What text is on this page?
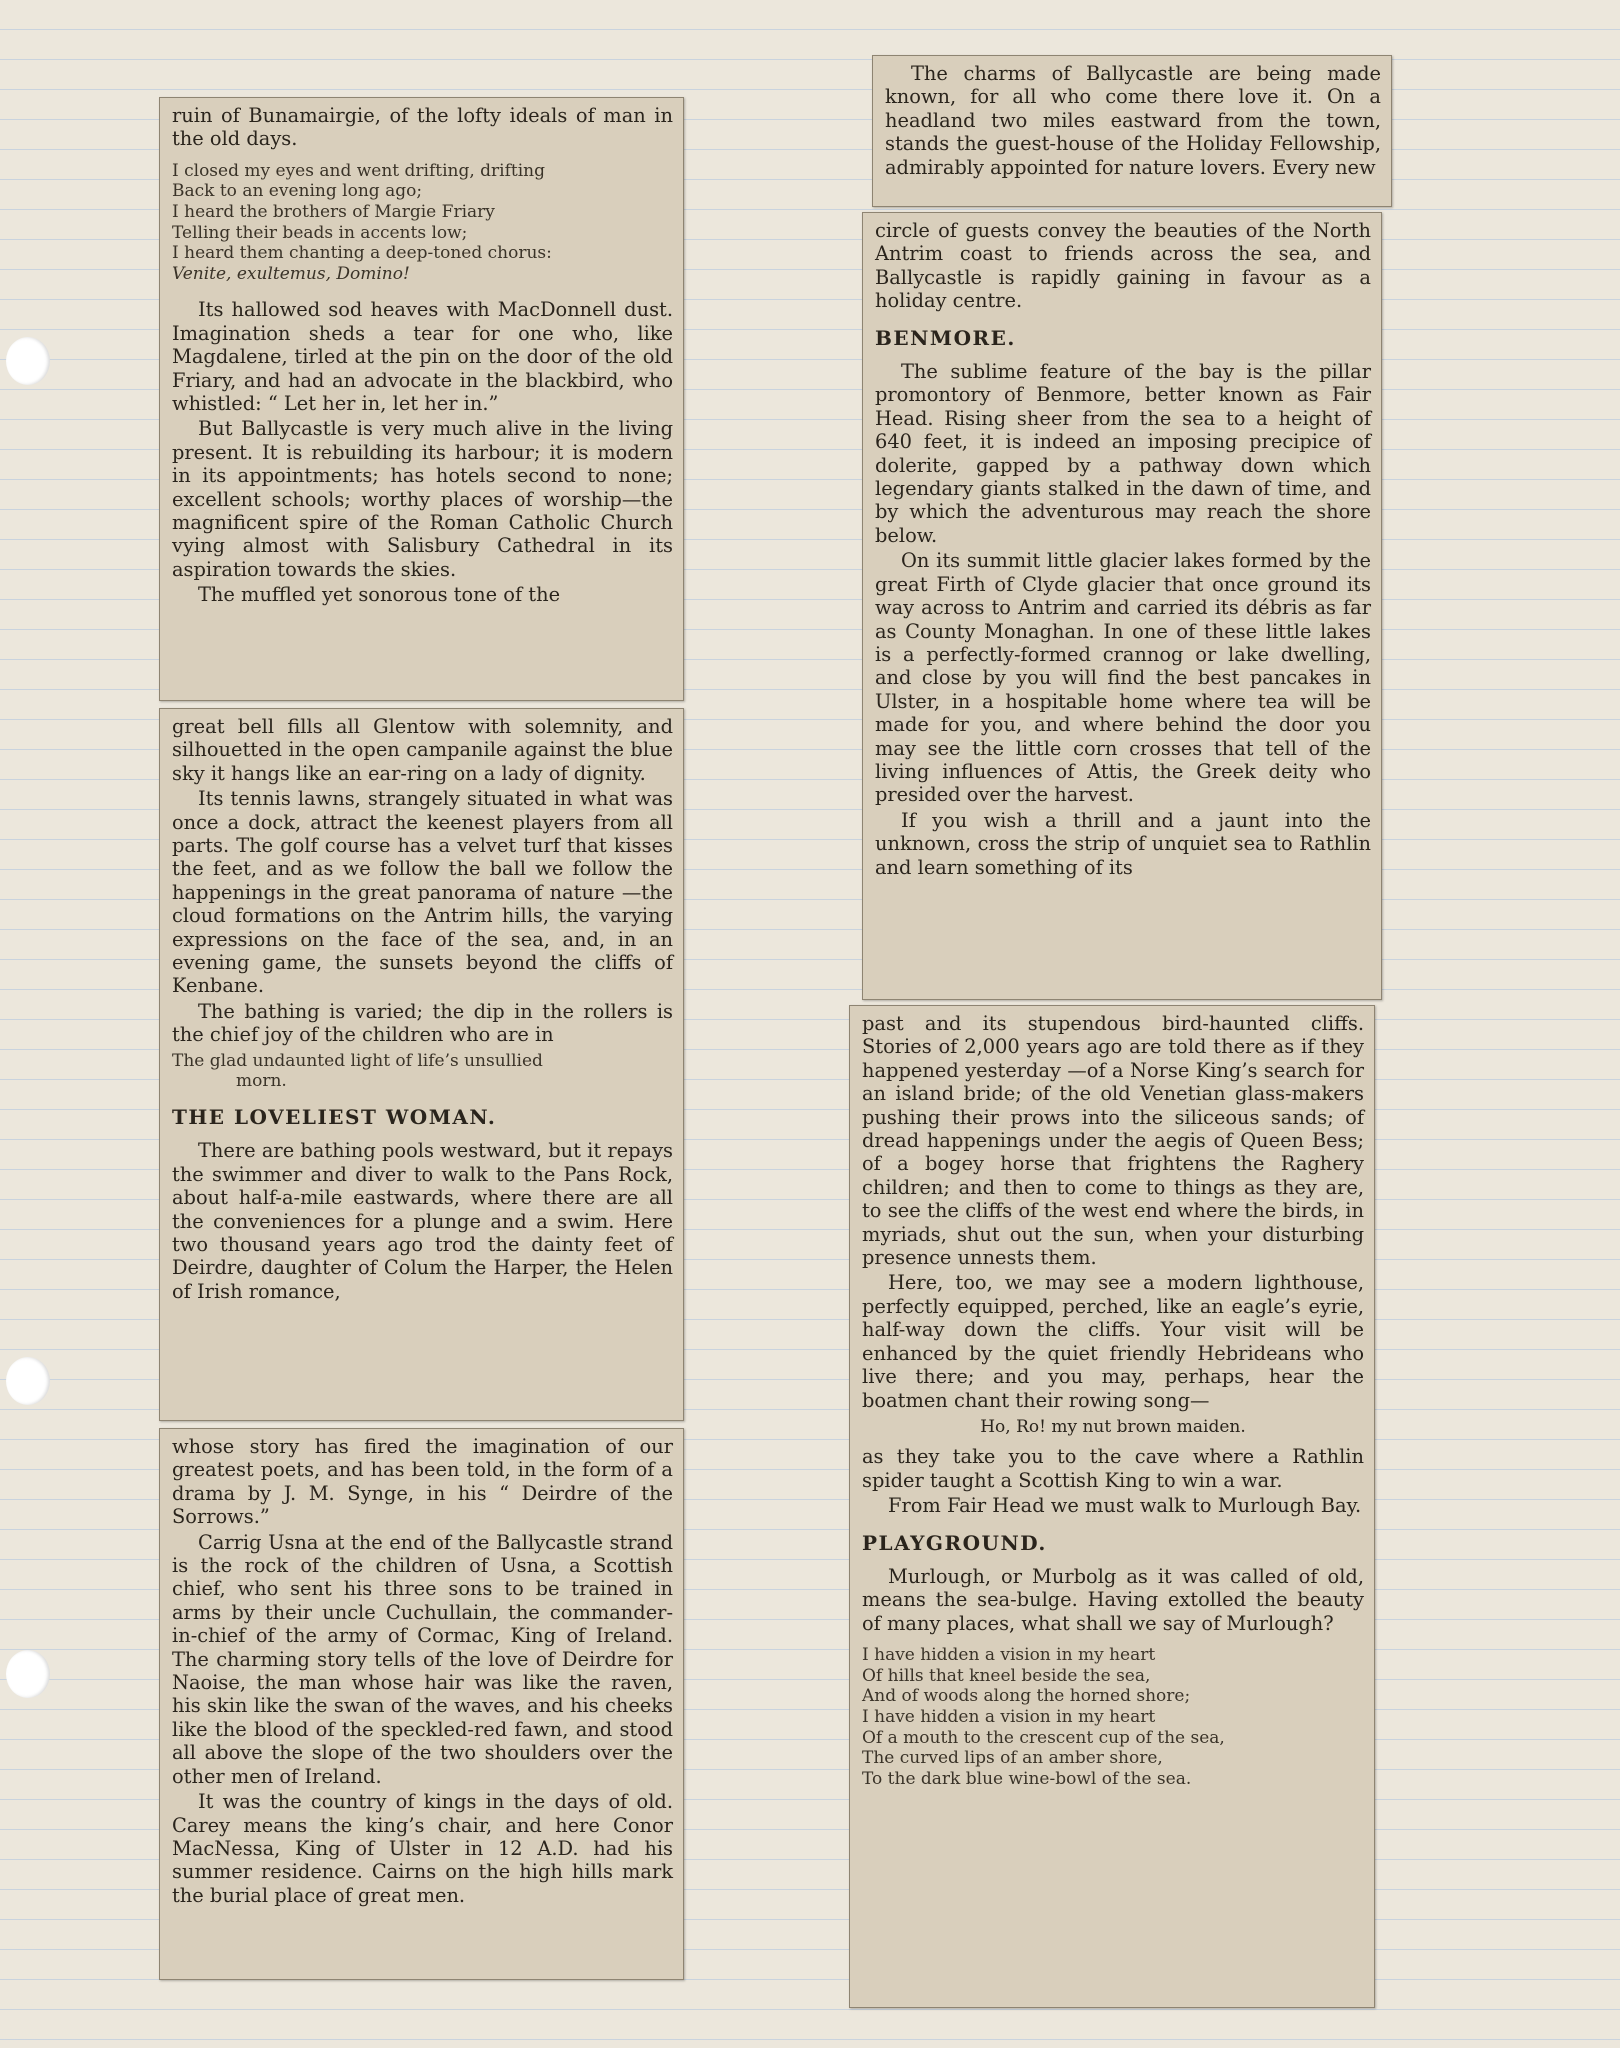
ruin of Bunamairgie, of the lofty ideals of man in the old days.

I closed my eyes and went drifting, drifting
Back to an evening long ago;
I heard the brothers of Margie Friary
Telling their beads in accents low;
I heard them chanting a deep-toned chorus:
Venite, exultemus, Domino!

Its hallowed sod heaves with MacDonnell dust. Imagination sheds a tear for one who, like Magdalene, tirled at the pin on the door of the old Friary, and had an advocate in the blackbird, who whistled: “ Let her in, let her in.”

But Ballycastle is very much alive in the living present. It is rebuilding its harbour; it is modern in its appointments; has hotels second to none; excellent schools; worthy places of worship—the magnificent spire of the Roman Catholic Church vying almost with Salisbury Cathedral in its aspiration towards the skies.

The muffled yet sonorous tone of the

great bell fills all Glentow with solemnity, and silhouetted in the open campanile against the blue sky it hangs like an ear-ring on a lady of dignity.

Its tennis lawns, strangely situated in what was once a dock, attract the keenest players from all parts. The golf course has a velvet turf that kisses the feet, and as we follow the ball we follow the happenings in the great panorama of nature —the cloud formations on the Antrim hills, the varying expressions on the face of the sea, and, in an evening game, the sunsets beyond the cliffs of Kenbane.

The bathing is varied; the dip in the rollers is the chief joy of the children who are in

The glad undaunted light of life’s unsullied
morn.
THE LOVELIEST WOMAN.

There are bathing pools westward, but it repays the swimmer and diver to walk to the Pans Rock, about half-a-mile eastwards, where there are all the conveniences for a plunge and a swim. Here two thousand years ago trod the dainty feet of Deirdre, daughter of Colum the Harper, the Helen of Irish romance,

whose story has fired the imagination of our greatest poets, and has been told, in the form of a drama by J. M. Synge, in his “ Deirdre of the Sorrows.”

Carrig Usna at the end of the Ballycastle strand is the rock of the children of Usna, a Scottish chief, who sent his three sons to be trained in arms by their uncle Cuchullain, the commander-in-chief of the army of Cormac, King of Ireland. The charming story tells of the love of Deirdre for Naoise, the man whose hair was like the raven, his skin like the swan of the waves, and his cheeks like the blood of the speckled-red fawn, and stood all above the slope of the two shoulders over the other men of Ireland.

It was the country of kings in the days of old. Carey means the king’s chair, and here Conor MacNessa, King of Ulster in 12 A.D. had his summer residence. Cairns on the high hills mark the burial place of great men.

The charms of Ballycastle are being made known, for all who come there love it. On a headland two miles eastward from the town, stands the guest-house of the Holiday Fellowship, admirably appointed for nature lovers. Every new

circle of guests convey the beauties of the North Antrim coast to friends across the sea, and Ballycastle is rapidly gaining in favour as a holiday centre.

BENMORE.

The sublime feature of the bay is the pillar promontory of Benmore, better known as Fair Head. Rising sheer from the sea to a height of 640 feet, it is indeed an imposing precipice of dolerite, gapped by a pathway down which legendary giants stalked in the dawn of time, and by which the adventurous may reach the shore below.

On its summit little glacier lakes formed by the great Firth of Clyde glacier that once ground its way across to Antrim and carried its débris as far as County Monaghan. In one of these little lakes is a perfectly-formed crannog or lake dwelling, and close by you will find the best pancakes in Ulster, in a hospitable home where tea will be made for you, and where behind the door you may see the little corn crosses that tell of the living influences of Attis, the Greek deity who presided over the harvest.

If you wish a thrill and a jaunt into the unknown, cross the strip of unquiet sea to Rathlin and learn something of its

past and its stupendous bird-haunted cliffs. Stories of 2,000 years ago are told there as if they happened yesterday —of a Norse King’s search for an island bride; of the old Venetian glass-makers pushing their prows into the siliceous sands; of dread happenings under the aegis of Queen Bess; of a bogey horse that frightens the Raghery children; and then to come to things as they are, to see the cliffs of the west end where the birds, in myriads, shut out the sun, when your disturbing presence unnests them.

Here, too, we may see a modern lighthouse, perfectly equipped, perched, like an eagle’s eyrie, half-way down the cliffs. Your visit will be enhanced by the quiet friendly Hebrideans who live there; and you may, perhaps, hear the boatmen chant their rowing song—

Ho, Ro! my nut brown maiden.

as they take you to the cave where a Rathlin spider taught a Scottish King to win a war.

From Fair Head we must walk to Murlough Bay.

PLAYGROUND.

Murlough, or Murbolg as it was called of old, means the sea-bulge. Having extolled the beauty of many places, what shall we say of Murlough?

I have hidden a vision in my heart
Of hills that kneel beside the sea,
And of woods along the horned shore;
I have hidden a vision in my heart
Of a mouth to the crescent cup of the sea,
The curved lips of an amber shore,
To the dark blue wine-bowl of the sea.
